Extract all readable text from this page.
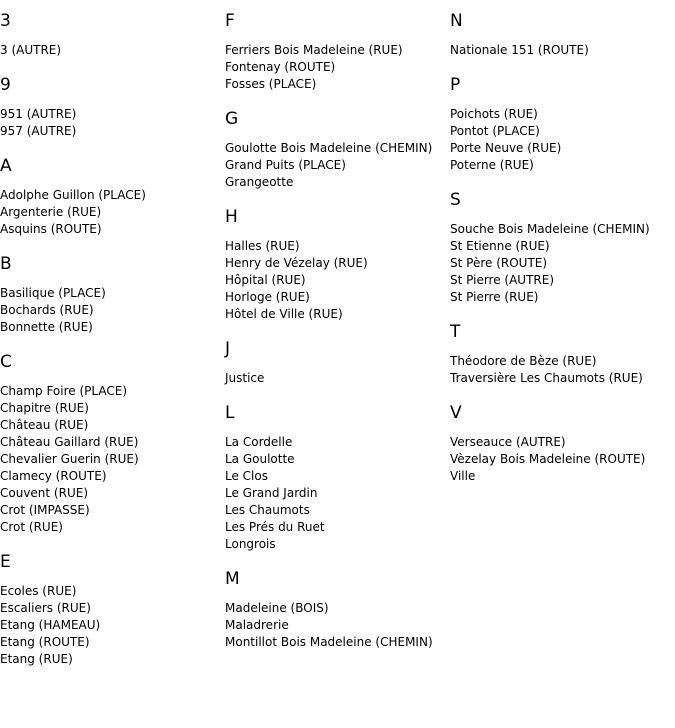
3
3 (AUTRE)
9
951 (AUTRE)
957 (AUTRE)
A
Adolphe Guillon (PLACE)
Argenterie (RUE)
Asquins (ROUTE)
B
Basilique (PLACE)
Bochards (RUE)
Bonnette (RUE)
C
Champ Foire (PLACE)
Chapitre (RUE)
Château (RUE)
Château Gaillard (RUE)
Chevalier Guerin (RUE)
Clamecy (ROUTE)
Couvent (RUE)
Crot (IMPASSE)
Crot (RUE)
E
Ecoles (RUE)
Escaliers (RUE)
Etang (HAMEAU)
Etang (ROUTE)
Etang (RUE)
F
Ferriers Bois Madeleine (RUE)
Fontenay (ROUTE)
Fosses (PLACE)
G
Goulotte Bois Madeleine (CHEMIN)
Grand Puits (PLACE)
Grangeotte
H
Halles (RUE)
Henry de Vézelay (RUE)
Hôpital (RUE)
Horloge (RUE)
Hôtel de Ville (RUE)
J
Justice
L
La Cordelle
La Goulotte
Le Clos
Le Grand Jardin
Les Chaumots
Les Prés du Ruet
Longrois
M
Madeleine (BOIS)
Maladrerie
Montillot Bois Madeleine (CHEMIN)
N
Nationale 151 (ROUTE)
P
Poichots (RUE)
Pontot (PLACE)
Porte Neuve (RUE)
Poterne (RUE)
S
Souche Bois Madeleine (CHEMIN)
St Etienne (RUE)
St Père (ROUTE)
St Pierre (AUTRE)
St Pierre (RUE)
T
Théodore de Bèze (RUE)
Traversière Les Chaumots (RUE)
V
Verseauce (AUTRE)
Vèzelay Bois Madeleine (ROUTE)
Ville
